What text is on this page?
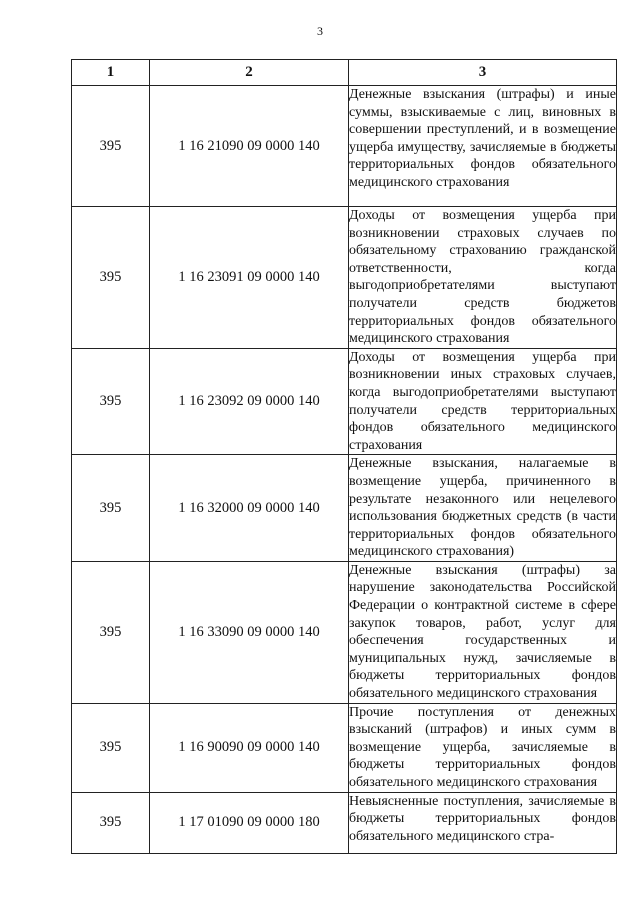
3
1	2	3
395	1 16 21090 09 0000 140	Денежные взыскания (штрафы) и иные суммы, взыскиваемые с лиц, виновных в совершении преступлений, и в возмещение ущерба имуществу, зачисляемые в бюджеты территориальных фондов обязательного медицинского страхования
395	1 16 23091 09 0000 140	Доходы от возмещения ущерба при возникновении страховых случаев по обязательному страхованию гражданской ответственности, когда выгодоприобретателями выступают получатели средств бюджетов территориальных фондов обязательного медицинского страхования
395	1 16 23092 09 0000 140	Доходы от возмещения ущерба при возникновении иных страховых случаев, когда выгодоприобретателями выступают получатели средств территориальных фондов обязательного медицинского страхования
395	1 16 32000 09 0000 140	Денежные взыскания, налагаемые в возмещение ущерба, причиненного в результате незаконного или нецелевого использования бюджетных средств (в части территориальных фондов обязательного медицинского страхования)
395	1 16 33090 09 0000 140	Денежные взыскания (штрафы) за нарушение законодательства Российской Федерации о контрактной системе в сфере закупок товаров, работ, услуг для обеспечения государственных и муниципальных нужд, зачисляемые в бюджеты территориальных фондов обязательного медицинского страхования
395	1 16 90090 09 0000 140	Прочие поступления от денежных взысканий (штрафов) и иных сумм в возмещение ущерба, зачисляемые в бюджеты территориальных фондов обязательного медицинского страхования
395	1 17 01090 09 0000 180	Невыясненные поступления, зачисляемые в бюджеты территориальных фондов обязательного медицинского стра-
